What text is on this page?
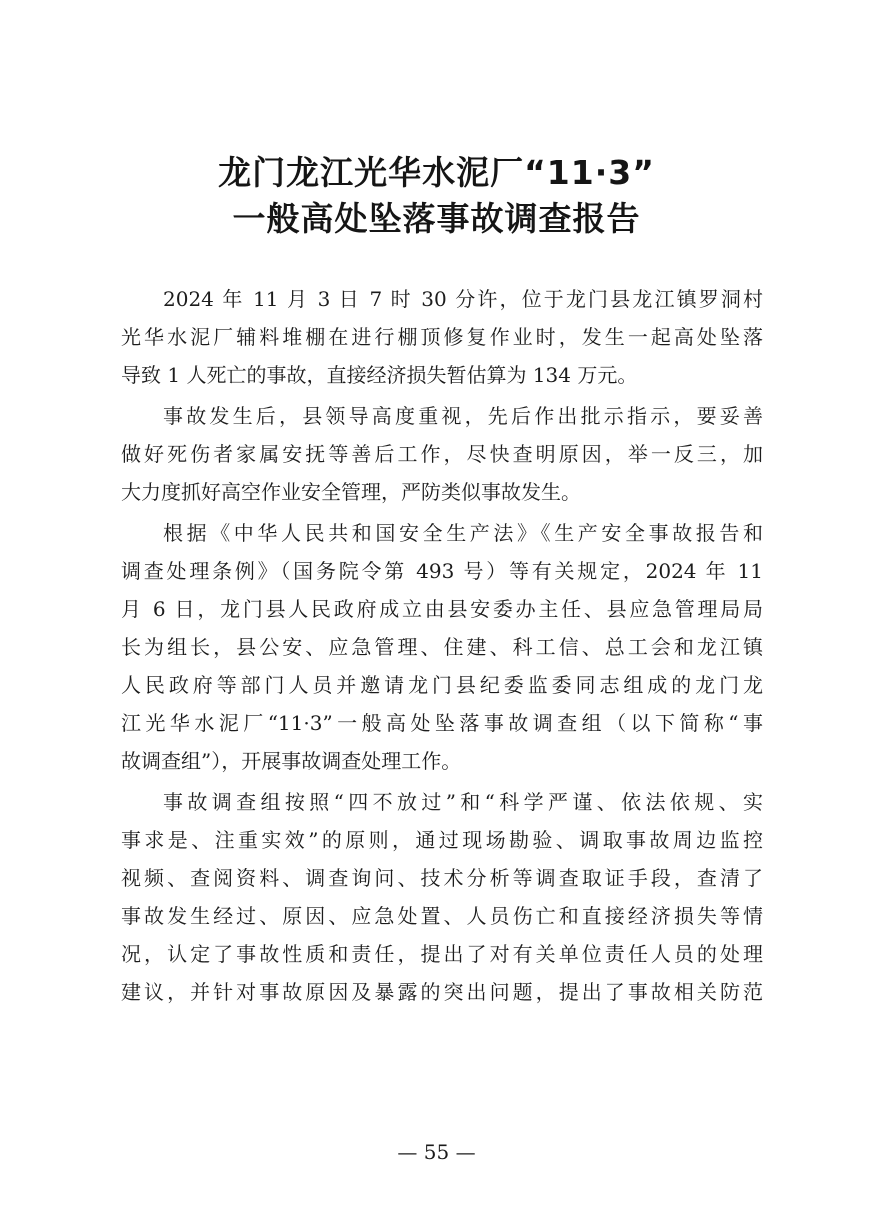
龙门龙江光华水泥厂“11·3”
一般高处坠落事故调查报告

2024 年 11 月 3 日 7 时 30 分许，位于龙门县龙江镇罗洞村
光华水泥厂辅料堆棚在进行棚顶修复作业时，发生一起高处坠落
导致 1 人死亡的事故，直接经济损失暂估算为 134 万元。

事故发生后，县领导高度重视，先后作出批示指示，要妥善
做好死伤者家属安抚等善后工作，尽快查明原因，举一反三，加
大力度抓好高空作业安全管理，严防类似事故发生。

根据《中华人民共和国安全生产法》《生产安全事故报告和
调查处理条例》（国务院令第 493 号）等有关规定，2024 年 11
月 6 日，龙门县人民政府成立由县安委办主任、县应急管理局局
长为组长，县公安、应急管理、住建、科工信、总工会和龙江镇
人民政府等部门人员并邀请龙门县纪委监委同志组成的龙门龙
江光华水泥厂“11·3”一般高处坠落事故调查组（以下简称“事
故调查组”），开展事故调查处理工作。

事故调查组按照“四不放过”和“科学严谨、依法依规、实
事求是、注重实效”的原则，通过现场勘验、调取事故周边监控
视频、查阅资料、调查询问、技术分析等调查取证手段，查清了
事故发生经过、原因、应急处置、人员伤亡和直接经济损失等情
况，认定了事故性质和责任，提出了对有关单位责任人员的处理
建议，并针对事故原因及暴露的突出问题，提出了事故相关防范

— 55 —
